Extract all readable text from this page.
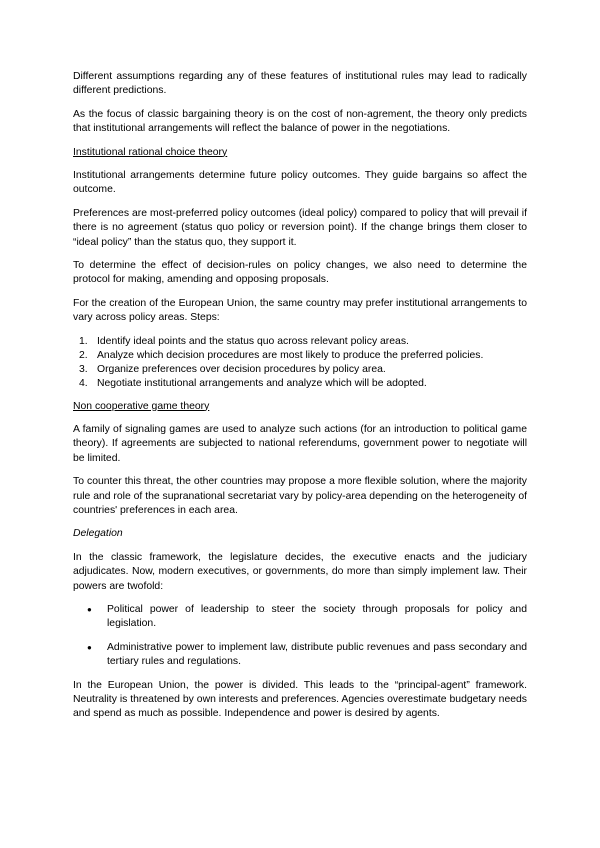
Different assumptions regarding any of these features of institutional rules may lead to radically different predictions.

As the focus of classic bargaining theory is on the cost of non-agrement, the theory only predicts that institutional arrangements will reflect the balance of power in the negotiations.

Institutional rational choice theory

Institutional arrangements determine future policy outcomes. They guide bargains so affect the outcome.

Preferences are most-preferred policy outcomes (ideal policy) compared to policy that will prevail if there is no agreement (status quo policy or reversion point). If the change brings them closer to “ideal policy” than the status quo, they support it.

To determine the effect of decision-rules on policy changes, we also need to determine the protocol for making, amending and opposing proposals.

For the creation of the European Union, the same country may prefer institutional arrangements to vary across policy areas. Steps:

1. Identify ideal points and the status quo across relevant policy areas.
2. Analyze which decision procedures are most likely to produce the preferred policies.
3. Organize preferences over decision procedures by policy area.
4. Negotiate institutional arrangements and analyze which will be adopted.

Non cooperative game theory

A family of signaling games are used to analyze such actions (for an introduction to political game theory). If agreements are subjected to national referendums, government power to negotiate will be limited.

To counter this threat, the other countries may propose a more flexible solution, where the majority rule and role of the supranational secretariat vary by policy-area depending on the heterogeneity of countries' preferences in each area.

Delegation

In the classic framework, the legislature decides, the executive enacts and the judiciary adjudicates. Now, modern executives, or governments, do more than simply implement law. Their powers are twofold:

● Political power of leadership to steer the society through proposals for policy and legislation.
● Administrative power to implement law, distribute public revenues and pass secondary and tertiary rules and regulations.

In the European Union, the power is divided. This leads to the “principal-agent” framework. Neutrality is threatened by own interests and preferences. Agencies overestimate budgetary needs and spend as much as possible. Independence and power is desired by agents.
